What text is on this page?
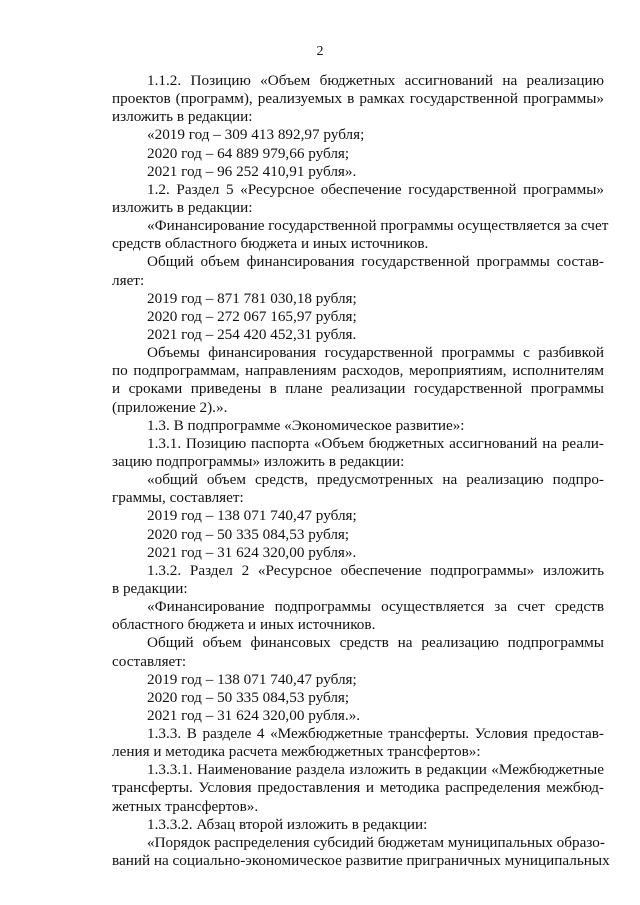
2
1.1.2. Позицию «Объем бюджетных ассигнований на реализацию
проектов (программ), реализуемых в рамках государственной программы»
изложить в редакции:
«2019 год – 309 413 892,97 рубля;
2020 год – 64 889 979,66 рубля;
2021 год – 96 252 410,91 рубля».
1.2. Раздел 5 «Ресурсное обеспечение государственной программы»
изложить в редакции:
«Финансирование государственной программы осуществляется за счет
средств областного бюджета и иных источников.
Общий объем финансирования государственной программы состав-
ляет:
2019 год – 871 781 030,18 рубля;
2020 год – 272 067 165,97 рубля;
2021 год – 254 420 452,31 рубля.
Объемы финансирования государственной программы с разбивкой
по подпрограммам, направлениям расходов, мероприятиям, исполнителям
и сроками приведены в плане реализации государственной программы
(приложение 2).».
1.3. В подпрограмме «Экономическое развитие»:
1.3.1. Позицию паспорта «Объем бюджетных ассигнований на реали-
зацию подпрограммы» изложить в редакции:
«общий объем средств, предусмотренных на реализацию подпро-
граммы, составляет:
2019 год – 138 071 740,47 рубля;
2020 год – 50 335 084,53 рубля;
2021 год – 31 624 320,00 рубля».
1.3.2. Раздел 2 «Ресурсное обеспечение подпрограммы» изложить
в редакции:
«Финансирование подпрограммы осуществляется за счет средств
областного бюджета и иных источников.
Общий объем финансовых средств на реализацию подпрограммы
составляет:
2019 год – 138 071 740,47 рубля;
2020 год – 50 335 084,53 рубля;
2021 год – 31 624 320,00 рубля.».
1.3.3. В разделе 4 «Межбюджетные трансферты. Условия предостав-
ления и методика расчета межбюджетных трансфертов»:
1.3.3.1. Наименование раздела изложить в редакции «Межбюджетные
трансферты. Условия предоставления и методика распределения межбюд-
жетных трансфертов».
1.3.3.2. Абзац второй изложить в редакции:
«Порядок распределения субсидий бюджетам муниципальных образо-
ваний на социально-экономическое развитие приграничных муниципальных
